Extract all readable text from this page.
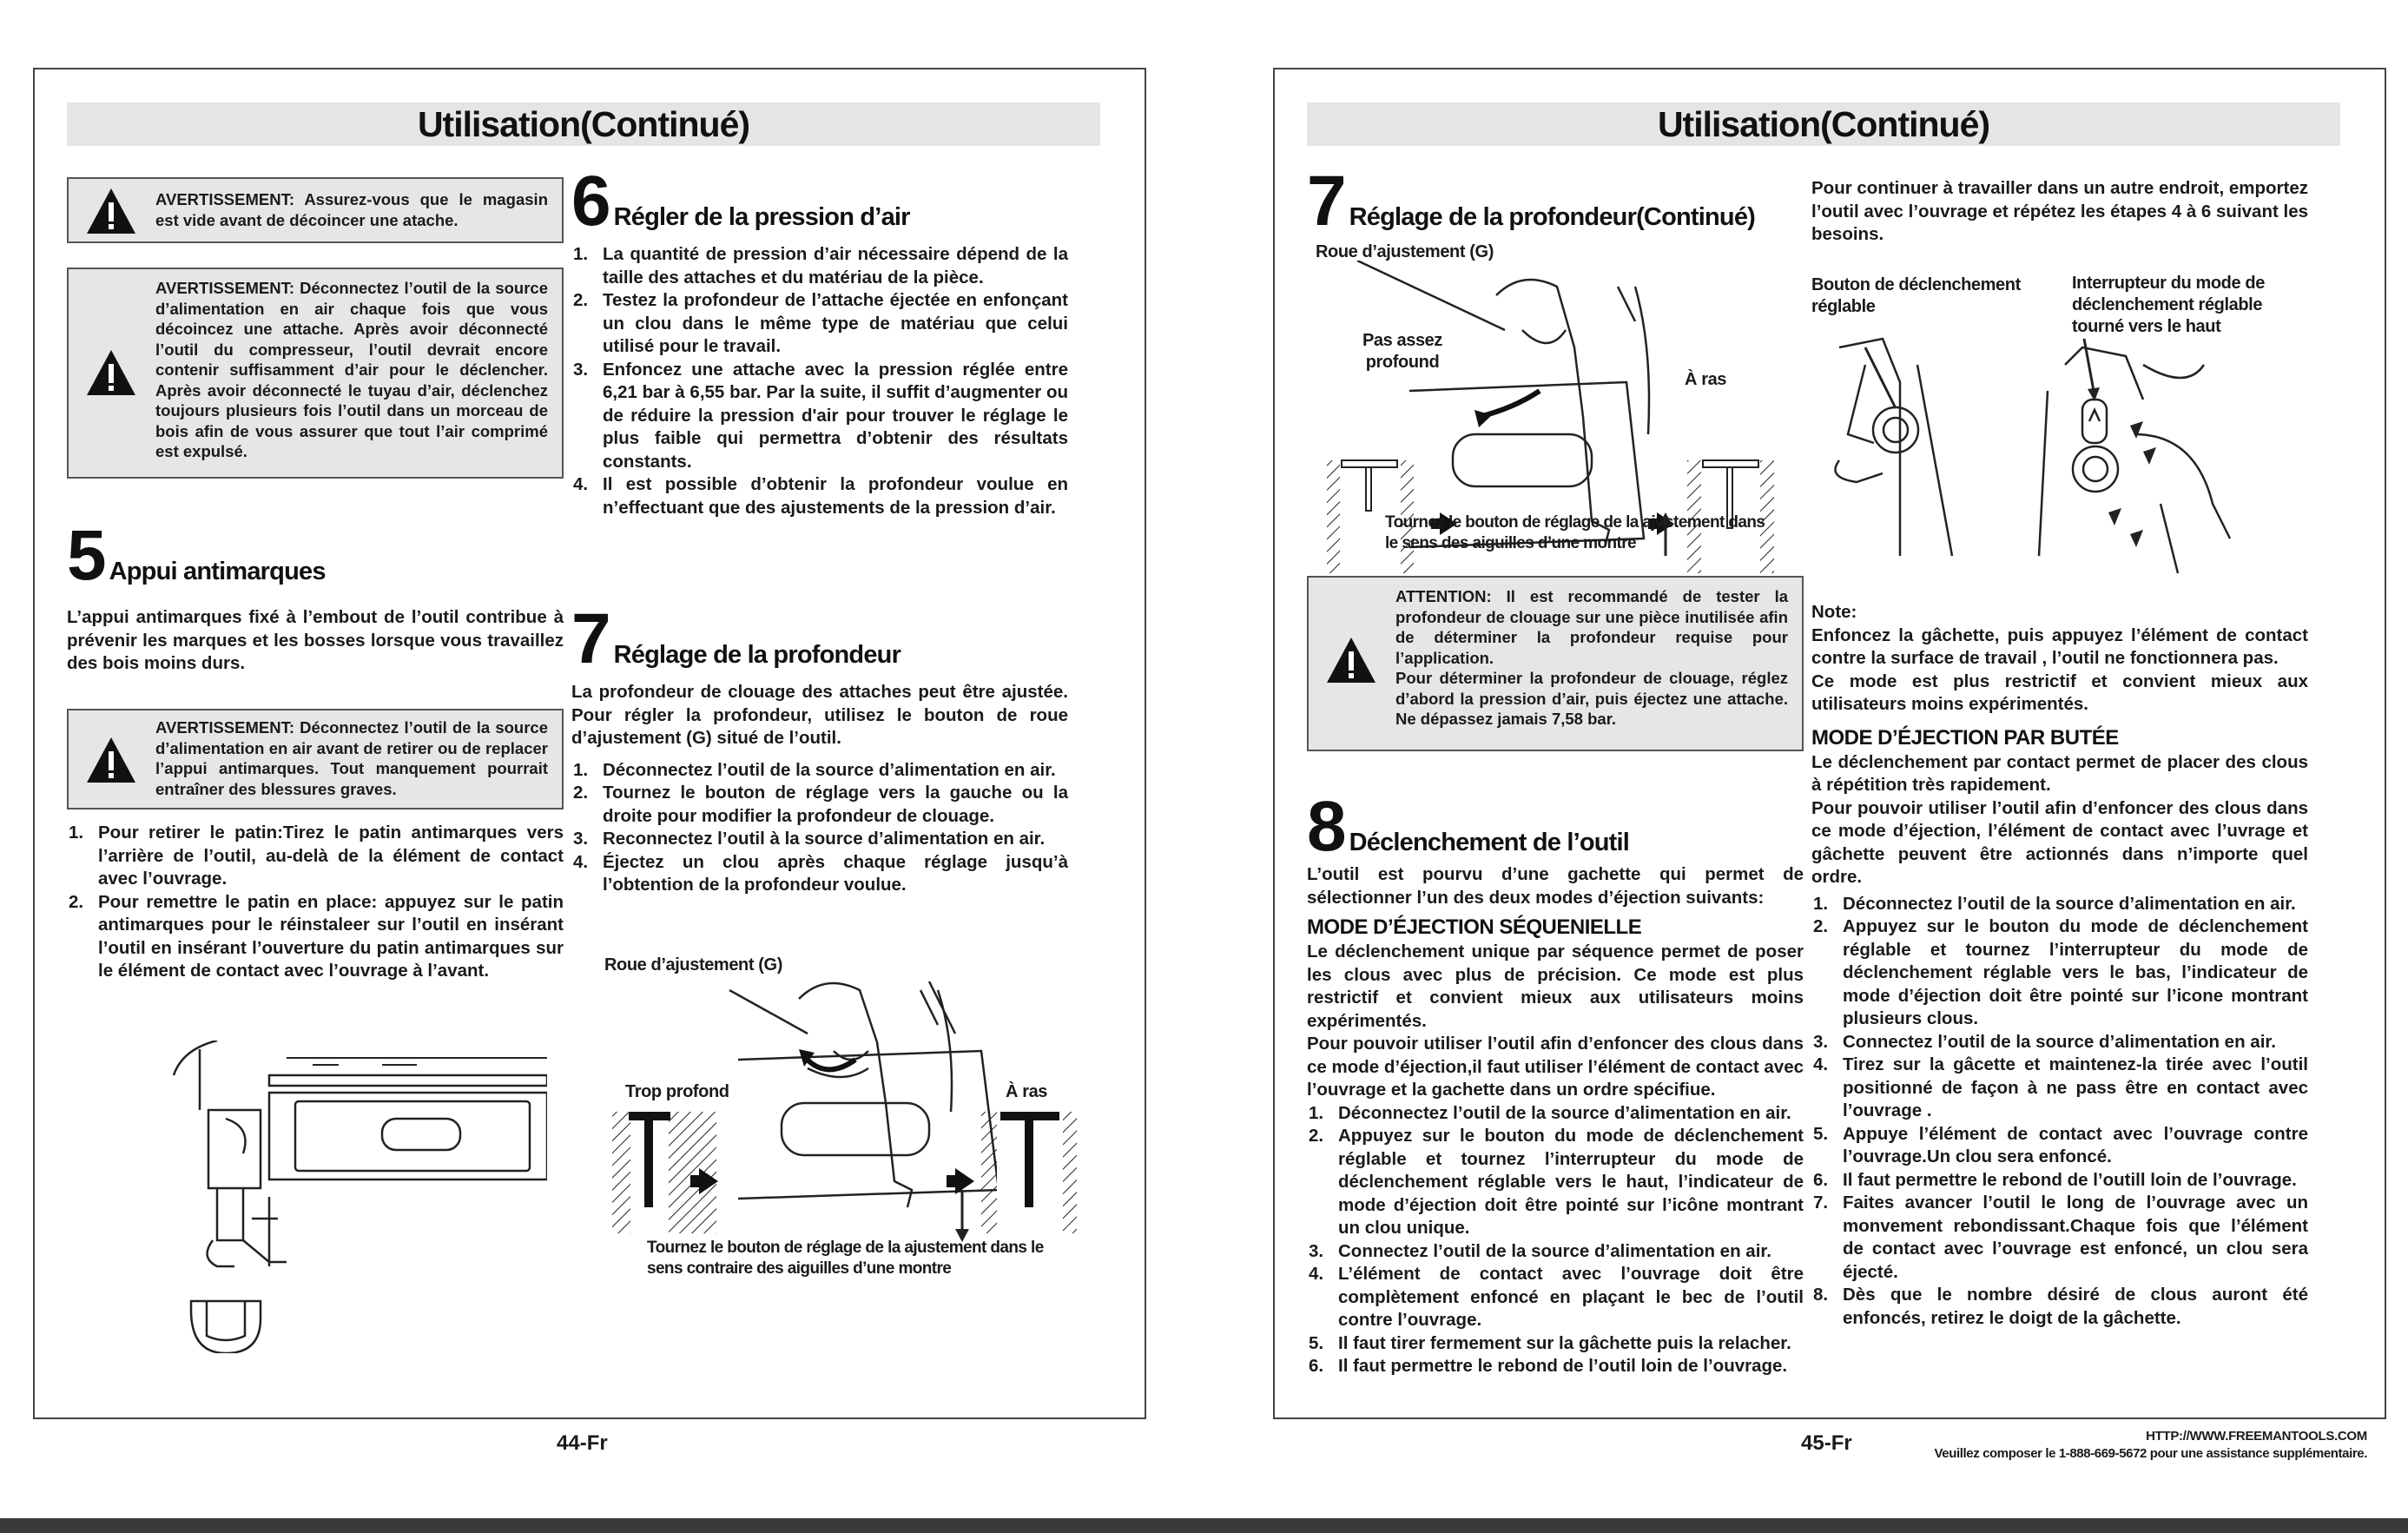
Utilisation(Continué)
AVERTISSEMENT: Assurez-vous que le magasin est vide avant de décoincer une atache.
AVERTISSEMENT: Déconnectez l’outil de la source d’alimentation en air chaque fois que vous décoincez une attache. Après avoir déconnecté l’outil du compresseur, l’outil devrait encore contenir suffisamment d’air pour le déclencher. Après avoir déconnecté le tuyau d’air, déclenchez toujours plusieurs fois l’outil dans un morceau de bois afin de vous assurer que tout l’air comprimé est expulsé.
5 Appui antimarques

L’appui antimarques fixé à l’embout de l’outil contribue à prévenir les marques et les bosses lorsque vous travaillez des bois moins durs.

AVERTISSEMENT: Déconnectez l’outil de la source d’alimentation en air avant de retirer ou de replacer l’appui antimarques. Tout manquement pourrait entraîner des blessures graves.
1. Pour retirer le patin:Tirez le patin antimarques vers l’arrière de l’outil, au-delà de la élément de contact avec l’ouvrage.
2. Pour remettre le patin en place: appuyez sur le patin antimarques pour le réinstaleer sur l’outil en insérant l’outil en insérant l’ouverture du patin antimarques sur le élément de contact avec l’ouvrage à l’avant.
6 Régler de la pression d’air
1. La quantité de pression d’air nécessaire dépend de la taille des attaches et du matériau de la pièce.
2. Testez la profondeur de l’attache éjectée en enfonçant un clou dans le même type de matériau que celui utilisé pour le travail.
3. Enfoncez une attache avec la pression réglée entre 6,21 bar à 6,55 bar. Par la suite, il suffit d’augmenter ou de réduire la pression d'air pour trouver le réglage le plus faible qui permettra d’obtenir des résultats constants.
4. Il est possible d’obtenir la profondeur voulue en n’effectuant que des ajustements de la pression d’air.
7 Réglage de la profondeur

La profondeur de clouage des attaches peut être ajustée. Pour régler la profondeur, utilisez le bouton de roue d’ajustement (G) situé de l’outil.

1. Déconnectez l’outil de la source d’alimentation en air.
2. Tournez le bouton de réglage vers la gauche ou la droite pour modifier la profondeur de clouage.
3. Reconnectez l’outil à la source d’alimentation en air.
4. Éjectez un clou après chaque réglage jusqu’à l’obtention de la profondeur voulue.
Roue d’ajustement (G)
Trop profond	À ras
Tournez le bouton de réglage de la ajustement dans le sens contraire des aiguilles d’une montre
44-Fr
Utilisation(Continué)
7 Réglage de la profondeur(Continué)
Roue d’ajustement (G)
Pas assez profound
À ras
Tournez le bouton de réglage de la ajustement dans le sens des aiguilles d’une montre
ATTENTION: Il est recommandé de tester la profondeur de clouage sur une pièce inutilisée afin de déterminer la profondeur requise pour l’application.
Pour déterminer la profondeur de clouage, réglez d’abord la pression d’air, puis éjectez une attache. Ne dépassez jamais 7,58 bar.
8 Déclenchement de l’outil

L’outil est pourvu d’une gachette qui permet de sélectionner l’un des deux modes d’éjection suivants:

MODE D’ÉJECTION SÉQUENIELLE

Le déclenchement unique par séquence permet de poser les clous avec plus de précision. Ce mode est plus restrictif et convient mieux aux utilisateurs moins expérimentés.

Pour pouvoir utiliser l’outil afin d’enfoncer des clous dans ce mode d’éjection,il faut utiliser l’élément de contact avec l’ouvrage et la gachette dans un ordre spécifiue.

1. Déconnectez l’outil de la source d’alimentation en air.
2. Appuyez sur le bouton du mode de déclenchement réglable et tournez l’interrupteur du mode de déclenchement réglable vers le haut, l’indicateur de mode d’éjection doit être pointé sur l’icône montrant un clou unique.
3. Connectez l’outil de la source d’alimentation en air.
4. L’élément de contact avec l’ouvrage doit être complètement enfoncé en plaçant le bec de l’outil contre l’ouvrage.
5. Il faut tirer fermement sur la gâchette puis la relacher.
6. Il faut permettre le rebond de l’outil loin de l’ouvrage.

Pour continuer à travailler dans un autre endroit, emportez l’outil avec l’ouvrage et répétez les étapes 4 à 6 suivant les besoins.

Bouton de déclenchement réglable
Interrupteur du mode de déclenchement réglable tourné vers le haut
Note:

Enfoncez la gâchette, puis appuyez l’élément de contact contre la surface de travail , l’outil ne fonctionnera pas.

Ce mode est plus restrictif et convient mieux aux utilisateurs moins expérimentés.

MODE D’ÉJECTION PAR BUTÉE

Le déclenchement par contact permet de placer des clous à répétition très rapidement.

Pour pouvoir utiliser l’outil afin d’enfoncer des clous dans ce mode d’éjection, l’élément de contact avec l’uvrage et gâchette peuvent être actionnés dans n’importe quel ordre.

1. Déconnectez l’outil de la source d’alimentation en air.
2. Appuyez sur le bouton du mode de déclenchement réglable et tournez l’interrupteur du mode de déclenchement réglable vers le bas, l’indicateur de mode d’éjection doit être pointé sur l’icone montrant plusieurs clous.
3. Connectez l’outil de la source d’alimentation en air.
4. Tirez sur la gâcette et maintenez-la tirée avec l’outil positionné de façon à ne pass être en contact avec l’ouvrage .
5. Appuye l’élément de contact avec l’ouvrage contre l’ouvrage.Un clou sera enfoncé.
6. Il faut permettre le rebond de l’outill loin de l’ouvrage.
7. Faites avancer l’outil le long de l’ouvrage avec un monvement rebondissant.Chaque fois que l’élément de contact avec l’ouvrage est enfoncé, un clou sera éjecté.
8. Dès que le nombre désiré de clous auront été enfoncés, retirez le doigt de la gâchette.
45-Fr	HTTP://WWW.FREEMANTOOLS.COM
Veuillez composer le 1-888-669-5672 pour une assistance supplémentaire.
